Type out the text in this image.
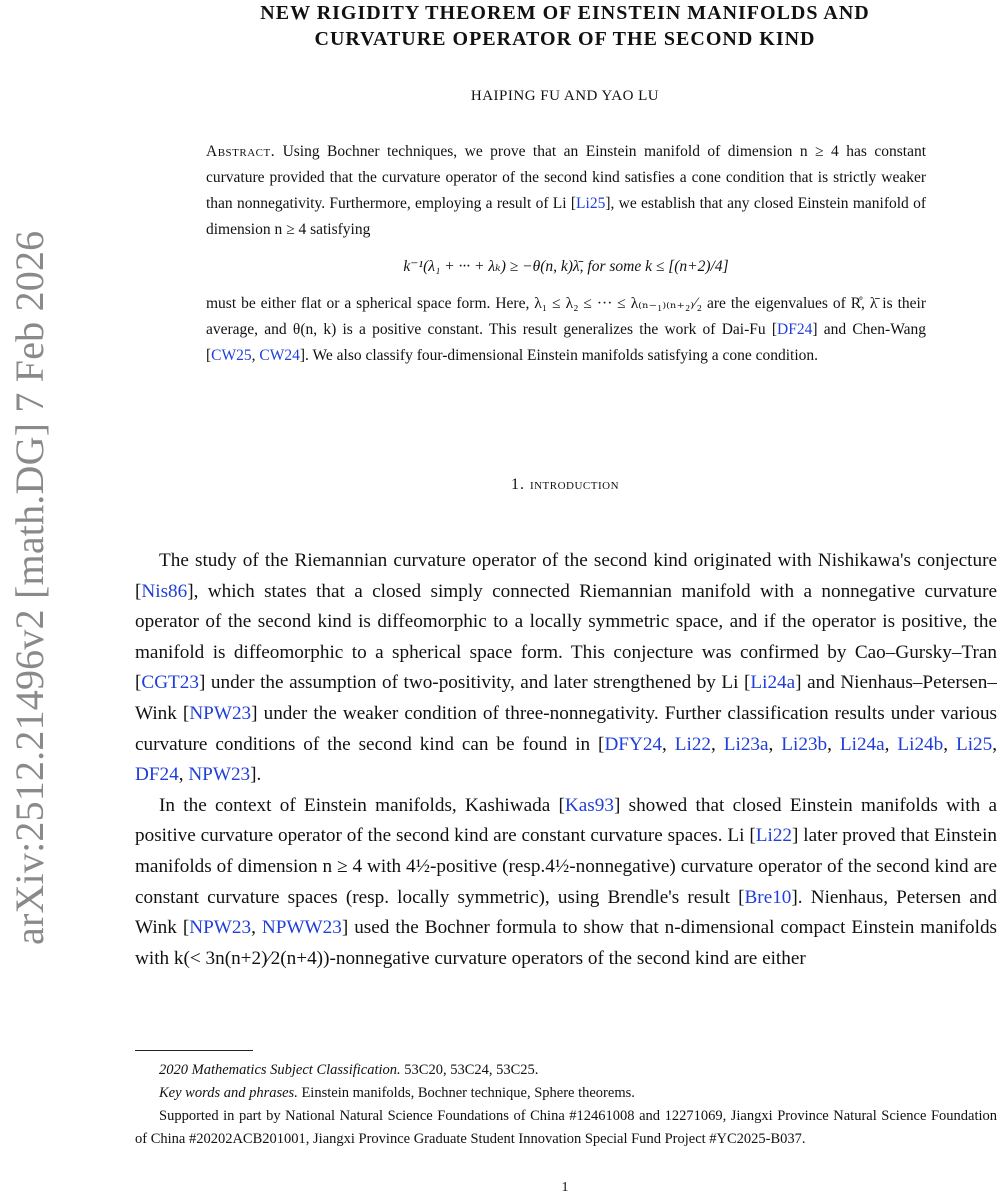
arXiv:2512.21496v2 [math.DG] 7 Feb 2026
NEW RIGIDITY THEOREM OF EINSTEIN MANIFOLDS AND
CURVATURE OPERATOR OF THE SECOND KIND
HAIPING FU AND YAO LU
Abstract. Using Bochner techniques, we prove that an Einstein manifold of dimension n ≥ 4 has constant curvature provided that the curvature operator of the second kind satisfies a cone condition that is strictly weaker than nonnegativity. Furthermore, employing a result of Li [Li25], we establish that any closed Einstein manifold of dimension n ≥ 4 satisfying
k⁻¹(λ₁ + ··· + λₖ) ≥ −θ(n, k)λ̄, for some k ≤ [(n+2)/4]
must be either flat or a spherical space form. Here, λ₁ ≤ λ₂ ≤ ··· ≤ λ₍ₙ₋₁₎₍ₙ₊₂₎⁄₂ are the eigenvalues of R̊, λ̄ is their average, and θ(n, k) is a positive constant. This result generalizes the work of Dai-Fu [DF24] and Chen-Wang [CW25, CW24]. We also classify four-dimensional Einstein manifolds satisfying a cone condition.
1. introduction

The study of the Riemannian curvature operator of the second kind originated with Nishikawa's conjecture [Nis86], which states that a closed simply connected Riemannian manifold with a nonnegative curvature operator of the second kind is diffeomorphic to a locally symmetric space, and if the operator is positive, the manifold is diffeomorphic to a spherical space form. This conjecture was confirmed by Cao–Gursky–Tran [CGT23] under the assumption of two-positivity, and later strengthened by Li [Li24a] and Nienhaus–Petersen–Wink [NPW23] under the weaker condition of three-nonnegativity. Further classification results under various curvature conditions of the second kind can be found in [DFY24, Li22, Li23a, Li23b, Li24a, Li24b, Li25, DF24, NPW23].

In the context of Einstein manifolds, Kashiwada [Kas93] showed that closed Einstein manifolds with a positive curvature operator of the second kind are constant curvature spaces. Li [Li22] later proved that Einstein manifolds of dimension n ≥ 4 with 4½-positive (resp.4½-nonnegative) curvature operator of the second kind are constant curvature spaces (resp. locally symmetric), using Brendle's result [Bre10]. Nienhaus, Petersen and Wink [NPW23, NPWW23] used the Bochner formula to show that n-dimensional compact Einstein manifolds with k(< 3n(n+2)⁄2(n+4))-nonnegative curvature operators of the second kind are either

2020 Mathematics Subject Classification. 53C20, 53C24, 53C25.

Key words and phrases. Einstein manifolds, Bochner technique, Sphere theorems.

Supported in part by National Natural Science Foundations of China #12461008 and 12271069, Jiangxi Province Natural Science Foundation of China #20202ACB201001, Jiangxi Province Graduate Student Innovation Special Fund Project #YC2025-B037.

1
